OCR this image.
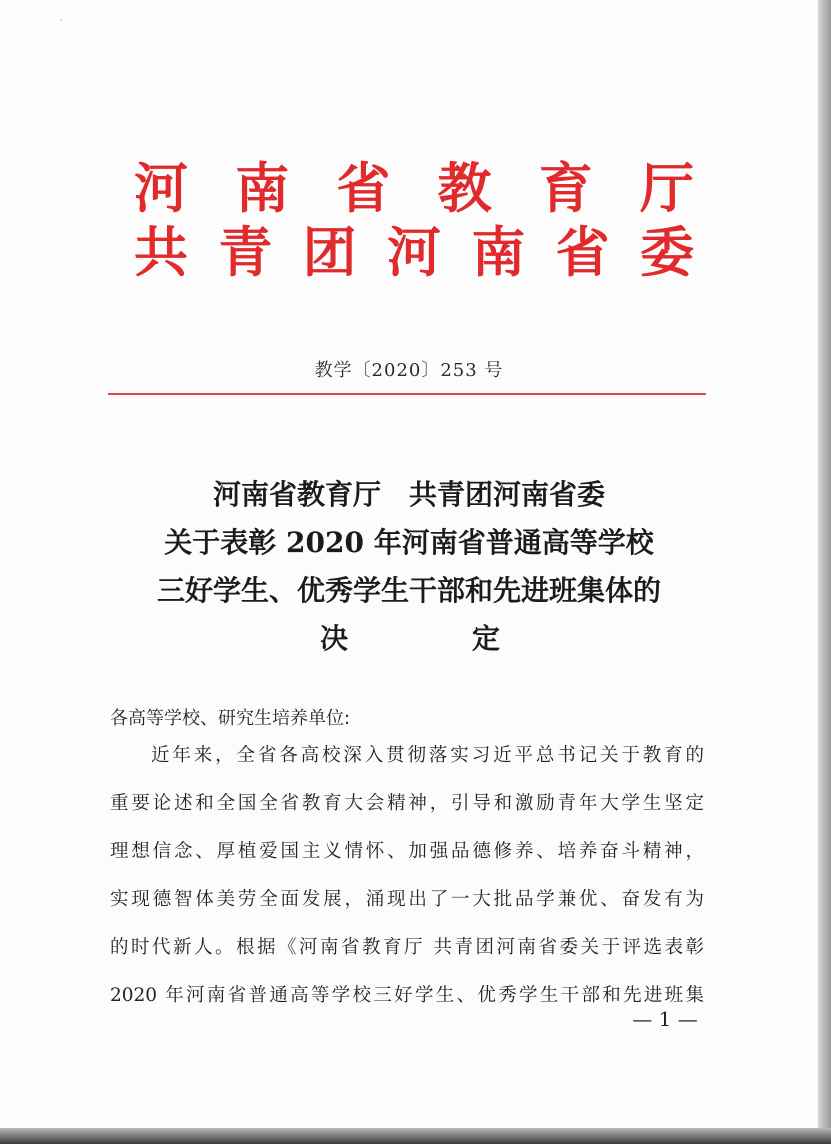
˙
河 南 省 教 育 厅
共 青 团 河 南 省 委
教学〔2020〕253 号
河南省教育厅　共青团河南省委
关于表彰 2020 年河南省普通高等学校
三好学生、优秀学生干部和先进班集体的
决	定
各高等学校、研究生培养单位:
近年来，全省各高校深入贯彻落实习近平总书记关于教育的
重要论述和全国全省教育大会精神，引导和激励青年大学生坚定
理想信念、厚植爱国主义情怀、加强品德修养、培养奋斗精神，
实现德智体美劳全面发展，涌现出了一大批品学兼优、奋发有为
的时代新人。根据《河南省教育厅 共青团河南省委关于评选表彰
2020 年河南省普通高等学校三好学生、优秀学生干部和先进班集
— 1 —
